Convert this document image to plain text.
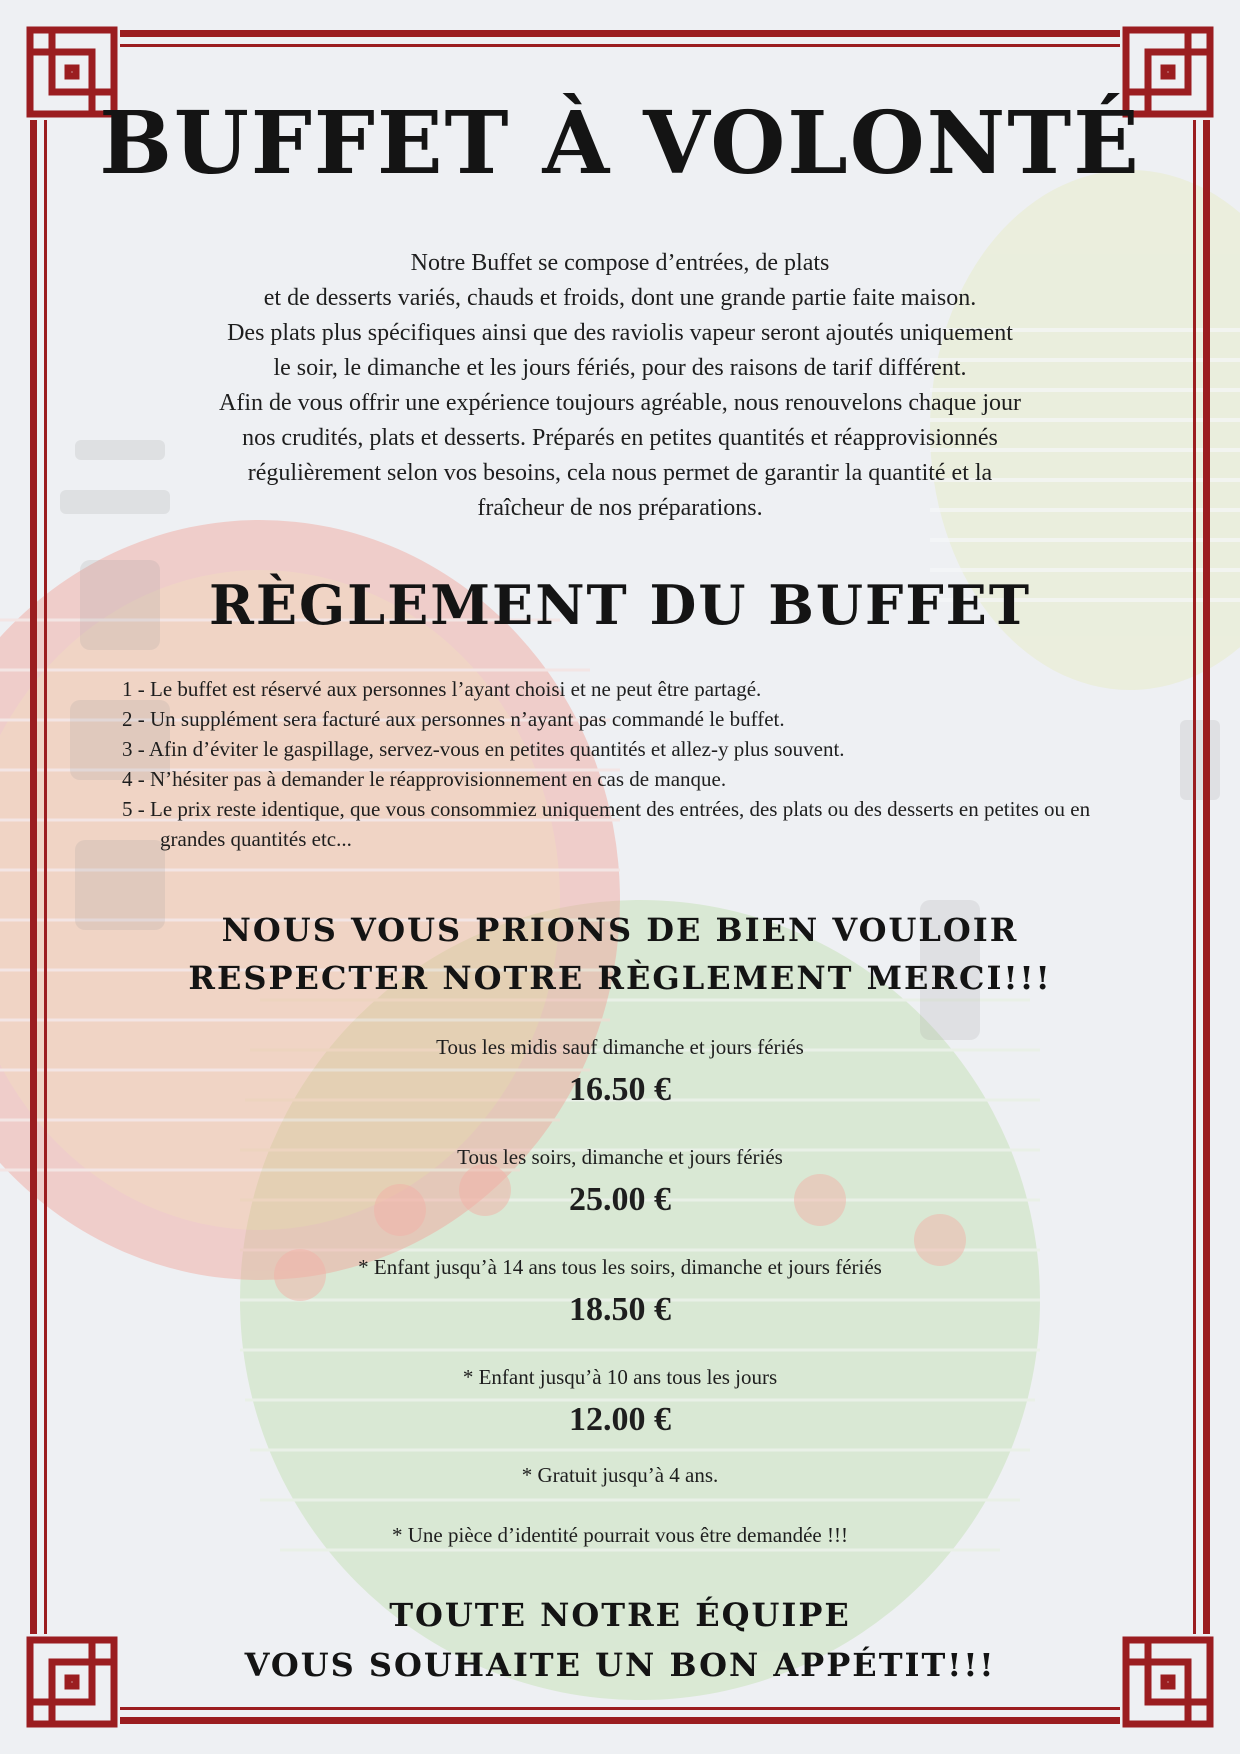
BUFFET À VOLONTÉ

Notre Buffet se compose d’entrées, de plats

et de desserts variés, chauds et froids, dont une grande partie faite maison.

Des plats plus spécifiques ainsi que des raviolis vapeur seront ajoutés uniquement

le soir, le dimanche et les jours fériés, pour des raisons de tarif différent.

Afin de vous offrir une expérience toujours agréable, nous renouvelons chaque jour

nos crudités, plats et desserts. Préparés en petites quantités et réapprovisionnés

régulièrement selon vos besoins, cela nous permet de garantir la quantité et la

fraîcheur de nos préparations.

RÈGLEMENT DU BUFFET
1 - Le buffet est réservé aux personnes l’ayant choisi et ne peut être partagé.
2 - Un supplément sera facturé aux personnes n’ayant pas commandé le buffet.
3 - Afin d’éviter le gaspillage, servez-vous en petites quantités et allez-y plus souvent.
4 - N’hésiter pas à demander le réapprovisionnement en cas de manque.
5 - Le prix reste identique, que vous consommiez uniquement des entrées, des plats ou des desserts en petites ou en grandes quantités etc...
NOUS VOUS PRIONS DE BIEN VOULOIR
RESPECTER NOTRE RÈGLEMENT MERCI!!!
Tous les midis sauf dimanche et jours fériés
16.50 €
Tous les soirs, dimanche et jours fériés
25.00 €
* Enfant jusqu’à 14 ans tous les soirs, dimanche et jours fériés
18.50 €
* Enfant jusqu’à 10 ans tous les jours
12.00 €
* Gratuit jusqu’à 4 ans.
* Une pièce d’identité pourrait vous être demandée !!!
TOUTE NOTRE ÉQUIPE
VOUS SOUHAITE UN BON APPÉTIT!!!
